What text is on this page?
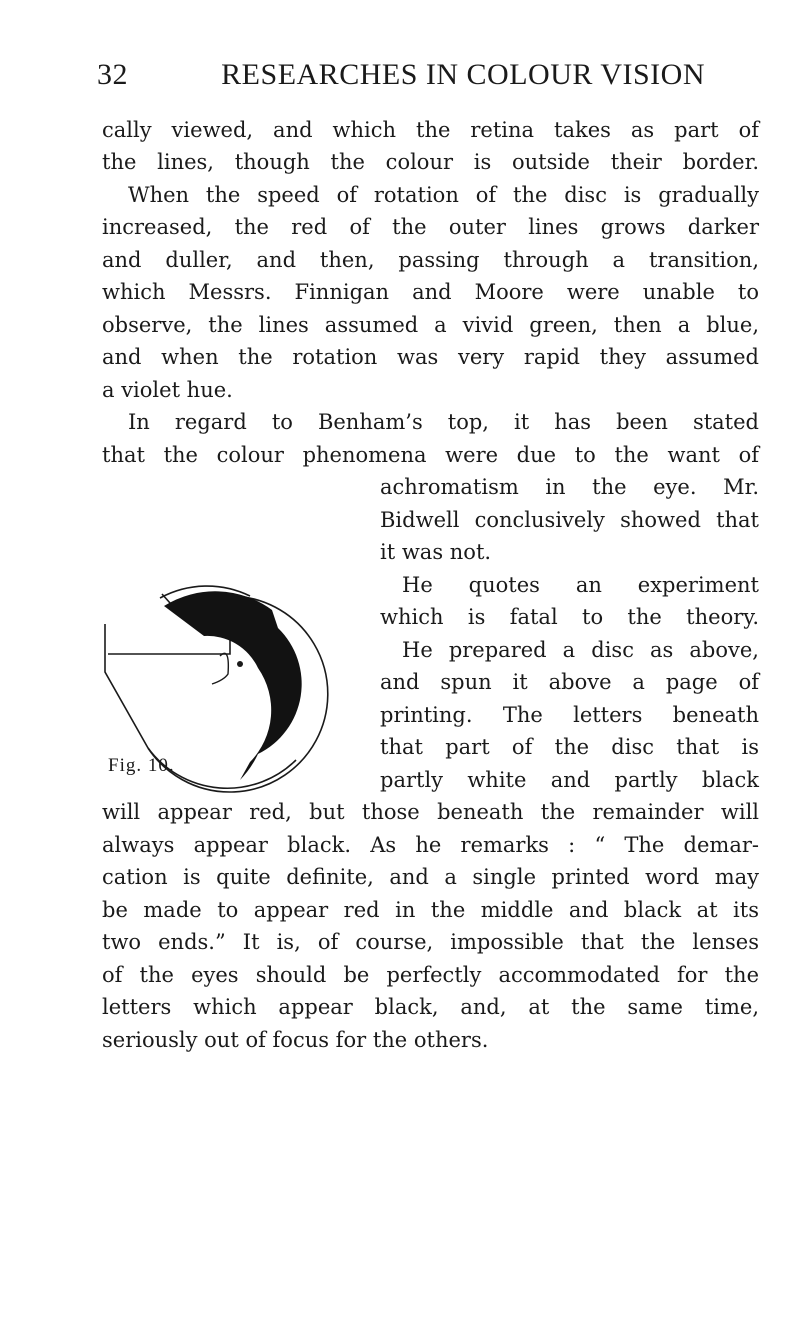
32	RESEARCHES IN COLOUR VISION
cally viewed, and which the retina takes as part of
the lines, though the colour is outside their border.
When the speed of rotation of the disc is gradually
increased, the red of the outer lines grows darker
and duller, and then, passing through a transition,
which Messrs. Finnigan and Moore were unable to
observe, the lines assumed a vivid green, then a blue,
and when the rotation was very rapid they assumed
a violet hue.
In regard to Benham’s top, it has been stated
that the colour phenomena were due to the want of
achromatism in the eye. Mr.
Bidwell conclusively showed that
it was not.
He quotes an experiment
which is fatal to the theory.
He prepared a disc as above,
and spun it above a page of
printing. The letters beneath
that part of the disc that is
partly white and partly black
will appear red, but those beneath the remainder will
always appear black. As he remarks : “ The demar-
cation is quite definite, and a single printed word may
be made to appear red in the middle and black at its
two ends.” It is, of course, impossible that the lenses
of the eyes should be perfectly accommodated for the
letters which appear black, and, at the same time,
seriously out of focus for the others.
Fig. 10.
